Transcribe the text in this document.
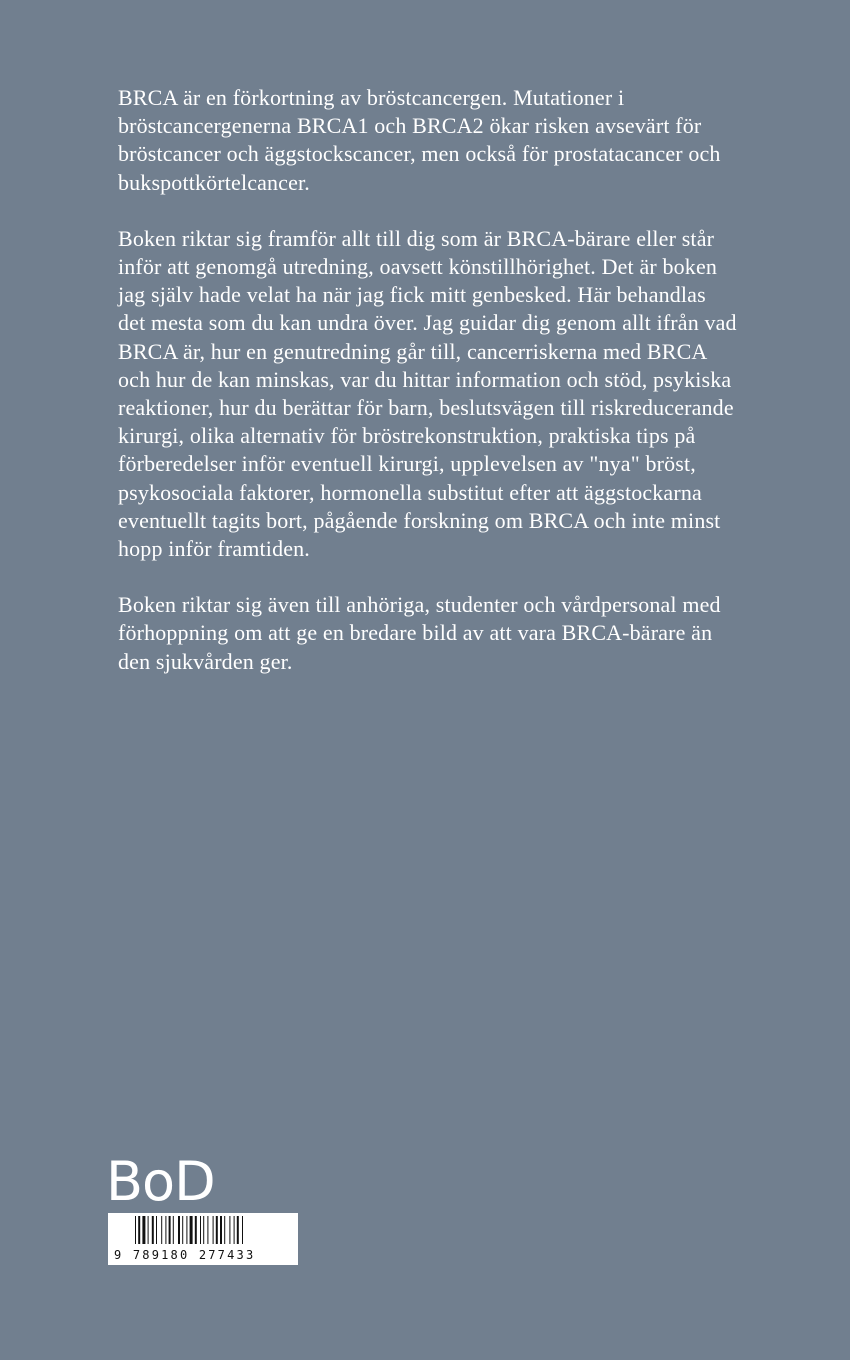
BRCA är en förkortning av bröstcancergen. Mutationer i bröstcancergenerna BRCA1 och BRCA2 ökar risken avsevärt för bröstcancer och äggstockscancer, men också för prostatacancer och bukspottkörtelcancer.

Boken riktar sig framför allt till dig som är BRCA-bärare eller står inför att genomgå utredning, oavsett könstillhörighet. Det är boken jag själv hade velat ha när jag fick mitt genbesked. Här behandlas det mesta som du kan undra över. Jag guidar dig genom allt ifrån vad BRCA är, hur en genutredning går till, cancerriskerna med BRCA och hur de kan minskas, var du hittar information och stöd, psykiska reaktioner, hur du berättar för barn, beslutsvägen till riskreducerande kirurgi, olika alternativ för bröstrekonstruktion, praktiska tips på förberedelser inför eventuell kirurgi, upplevelsen av "nya" bröst, psykosociala faktorer, hormonella substitut efter att äggstockarna eventuellt tagits bort, pågående forskning om BRCA och inte minst hopp inför framtiden.

Boken riktar sig även till anhöriga, studenter och vårdpersonal med förhoppning om att ge en bredare bild av att vara BRCA-bärare än den sjukvården ger.

BoD
9 789180 277433
